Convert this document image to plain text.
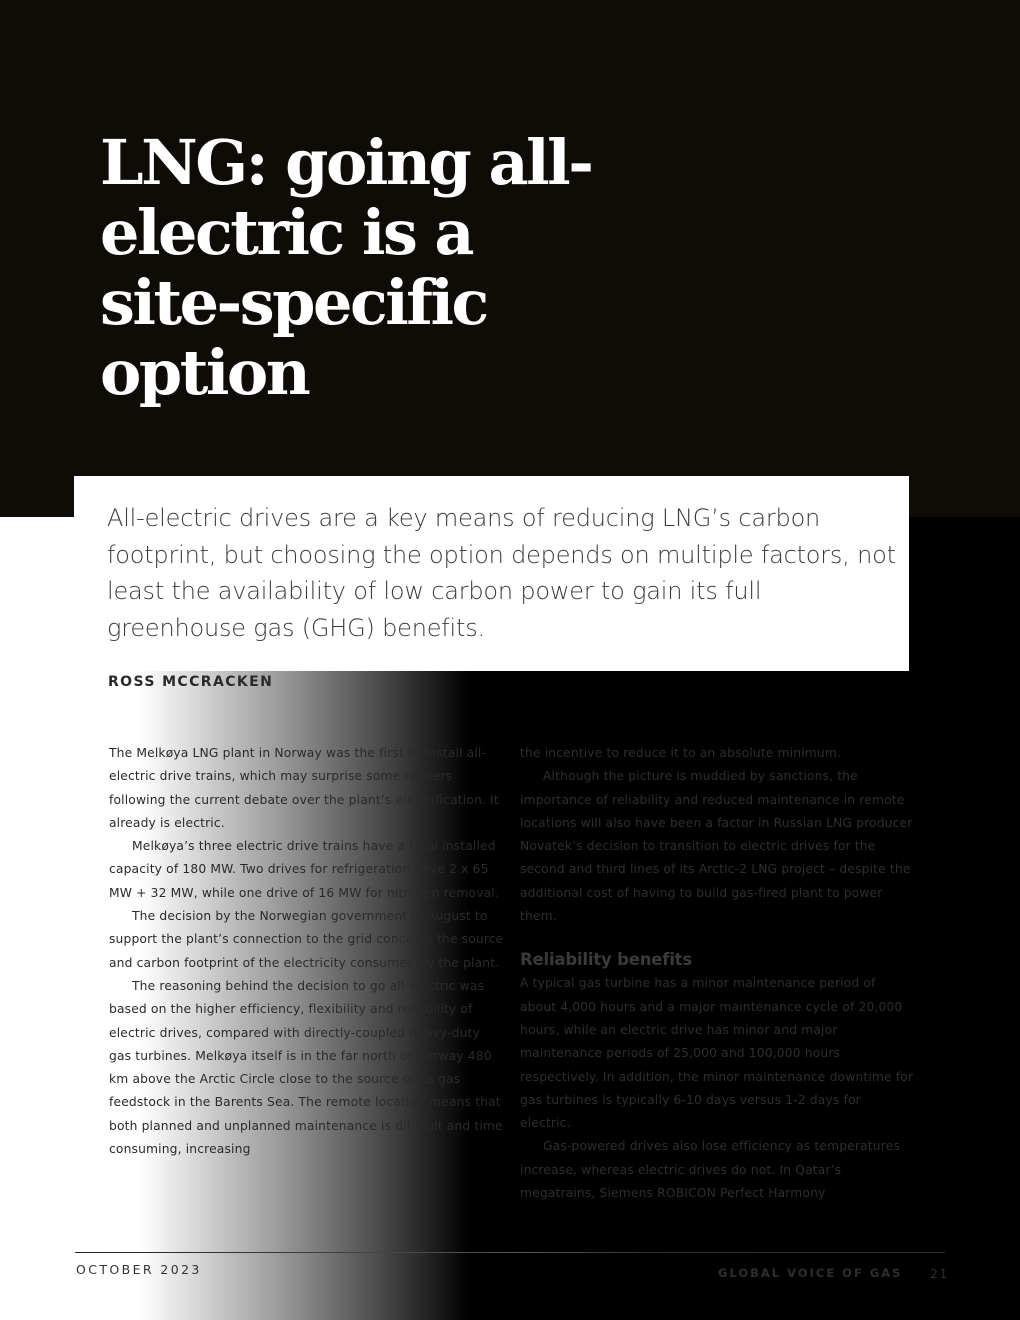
LNG: going all-electric is a site-specific option

All-electric drives are a key means of reducing LNG’s carbon footprint, but choosing the option depends on multiple factors, not least the availability of low carbon power to gain its full greenhouse gas (GHG) benefits.

ROSS MCCRACKEN

The Melkøya LNG plant in Norway was the first to install all-electric drive trains, which may surprise some readers following the current debate over the plant’s electrification. It already is electric.

Melkøya’s three electric drive trains have a total installed capacity of 180 MW. Two drives for refrigeration have 2 x 65 MW + 32 MW, while one drive of 16 MW for nitrogen removal.

The decision by the Norwegian government in August to support the plant’s connection to the grid concerns the source and carbon footprint of the electricity consumed by the plant.

The reasoning behind the decision to go all-electric was based on the higher efficiency, flexibility and reliability of electric drives, compared with directly-coupled heavy-duty gas turbines. Melkøya itself is in the far north of Norway 480 km above the Arctic Circle close to the source of its gas feedstock in the Barents Sea. The remote location means that both planned and unplanned maintenance is difficult and time consuming, increasing

the incentive to reduce it to an absolute minimum.

Although the picture is muddied by sanctions, the importance of reliability and reduced maintenance in remote locations will also have been a factor in Russian LNG producer Novatek’s decision to transition to electric drives for the second and third lines of its Arctic-2 LNG project – despite the additional cost of having to build gas-fired plant to power them.

Reliability benefits

A typical gas turbine has a minor maintenance period of about 4,000 hours and a major maintenance cycle of 20,000 hours, while an electric drive has minor and major maintenance periods of 25,000 and 100,000 hours respectively. In addition, the minor maintenance downtime for gas turbines is typically 6-10 days versus 1-2 days for electric.

Gas-powered drives also lose efficiency as temperatures increase, whereas electric drives do not. In Qatar’s megatrains, Siemens ROBICON Perfect Harmony

OCTOBER 2023	GLOBAL VOICE OF GAS 21
